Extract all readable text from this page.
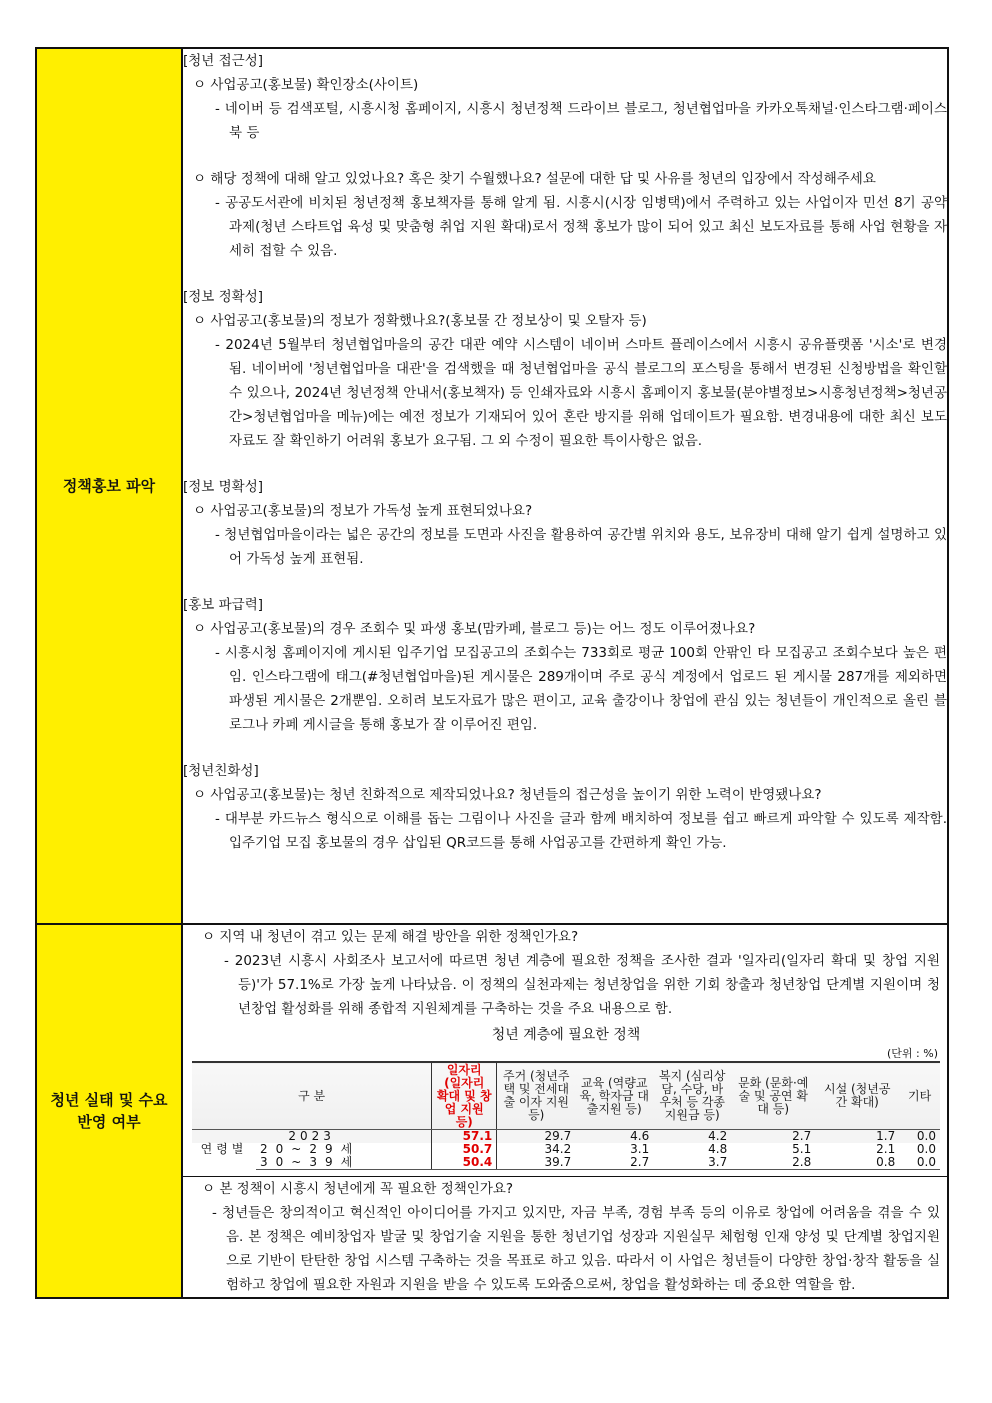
정책홍보 파악	
[청년 접근성]
ㅇ 사업공고(홍보물) 확인장소(사이트)
- 네이버 등 검색포털, 시흥시청 홈페이지, 시흥시 청년정책 드라이브 블로그, 청년협업마을 카카오톡채널·인스타그램·페이스북 등
ㅇ 해당 정책에 대해 알고 있었나요? 혹은 찾기 수월했나요? 설문에 대한 답 및 사유를 청년의 입장에서 작성해주세요
- 공공도서관에 비치된 청년정책 홍보책자를 통해 알게 됨. 시흥시(시장 임병택)에서 주력하고 있는 사업이자 민선 8기 공약 과제(청년 스타트업 육성 및 맞춤형 취업 지원 확대)로서 정책 홍보가 많이 되어 있고 최신 보도자료를 통해 사업 현황을 자세히 접할 수 있음.
[정보 정확성]
ㅇ 사업공고(홍보물)의 정보가 정확했나요?(홍보물 간 정보상이 및 오탈자 등)
- 2024년 5월부터 청년협업마을의 공간 대관 예약 시스템이 네이버 스마트 플레이스에서 시흥시 공유플랫폼 '시소'로 변경됨. 네이버에 '청년협업마을 대관'을 검색했을 때 청년협업마을 공식 블로그의 포스팅을 통해서 변경된 신청방법을 확인할 수 있으나, 2024년 청년정책 안내서(홍보책자) 등 인쇄자료와 시흥시 홈페이지 홍보물(분야별정보>시흥청년정책>청년공간>청년협업마을 메뉴)에는 예전 정보가 기재되어 있어 혼란 방지를 위해 업데이트가 필요함. 변경내용에 대한 최신 보도자료도 잘 확인하기 어려워 홍보가 요구됨. 그 외 수정이 필요한 특이사항은 없음.
[정보 명확성]
ㅇ 사업공고(홍보물)의 정보가 가독성 높게 표현되었나요?
- 청년협업마을이라는 넓은 공간의 정보를 도면과 사진을 활용하여 공간별 위치와 용도, 보유장비 대해 알기 쉽게 설명하고 있어 가독성 높게 표현됨.
[홍보 파급력]
ㅇ 사업공고(홍보물)의 경우 조회수 및 파생 홍보(맘카페, 블로그 등)는 어느 정도 이루어졌나요?
- 시흥시청 홈페이지에 게시된 입주기업 모집공고의 조회수는 733회로 평균 100회 안팎인 타 모집공고 조회수보다 높은 편임. 인스타그램에 태그(#청년협업마을)된 게시물은 289개이며 주로 공식 계정에서 업로드 된 게시물 287개를 제외하면 파생된 게시물은 2개뿐임. 오히려 보도자료가 많은 편이고, 교육 출강이나 창업에 관심 있는 청년들이 개인적으로 올린 블로그나 카페 게시글을 통해 홍보가 잘 이루어진 편임.
[청년친화성]
ㅇ 사업공고(홍보물)는 청년 친화적으로 제작되었나요? 청년들의 접근성을 높이기 위한 노력이 반영됐나요?
- 대부분 카드뉴스 형식으로 이해를 돕는 그림이나 사진을 글과 함께 배치하여 정보를 쉽고 빠르게 파악할 수 있도록 제작함. 입주기업 모집 홍보물의 경우 삽입된 QR코드를 통해 사업공고를 간편하게 확인 가능.

청년 실태 및 수요
반영 여부

ㅇ 지역 내 청년이 겪고 있는 문제 해결 방안을 위한 정책인가요?
- 2023년 시흥시 사회조사 보고서에 따르면 청년 계층에 필요한 정책을 조사한 결과 '일자리(일자리 확대 및 창업 지원 등)'가 57.1%로 가장 높게 나타났음. 이 정책의 실천과제는 청년창업을 위한 기회 창출과 청년창업 단계별 지원이며 청년창업 활성화를 위해 종합적 지원체계를 구축하는 것을 주요 내용으로 함.
청년 계층에 필요한 정책
(단위 : %)
구 분	일자리 (일자리 확대 및 창업 지원 등)	주거 (청년주택 및 전세대출 이자 지원 등)	교육 (역량교육, 학자금 대출지원 등)	복지 (심리상담, 수당, 바우처 등 각종 지원금 등)	문화 (문화·예술 및 공연 확대 등)	시설 (청년공간 확대)	기타
2023	57.1	29.7	4.6	4.2	2.7	1.7	0.0
연령별	20~29세	50.7	34.2	3.1	4.8	5.1	2.1	0.0
30~39세	50.4	39.7	2.7	3.7	2.8	0.8	0.0
ㅇ 본 정책이 시흥시 청년에게 꼭 필요한 정책인가요?
- 청년들은 창의적이고 혁신적인 아이디어를 가지고 있지만, 자금 부족, 경험 부족 등의 이유로 창업에 어려움을 겪을 수 있음. 본 정책은 예비창업자 발굴 및 창업기술 지원을 통한 청년기업 성장과 지원실무 체험형 인재 양성 및 단계별 창업지원으로 기반이 탄탄한 창업 시스템 구축하는 것을 목표로 하고 있음. 따라서 이 사업은 청년들이 다양한 창업·창작 활동을 실험하고 창업에 필요한 자원과 지원을 받을 수 있도록 도와줌으로써, 창업을 활성화하는 데 중요한 역할을 함.
